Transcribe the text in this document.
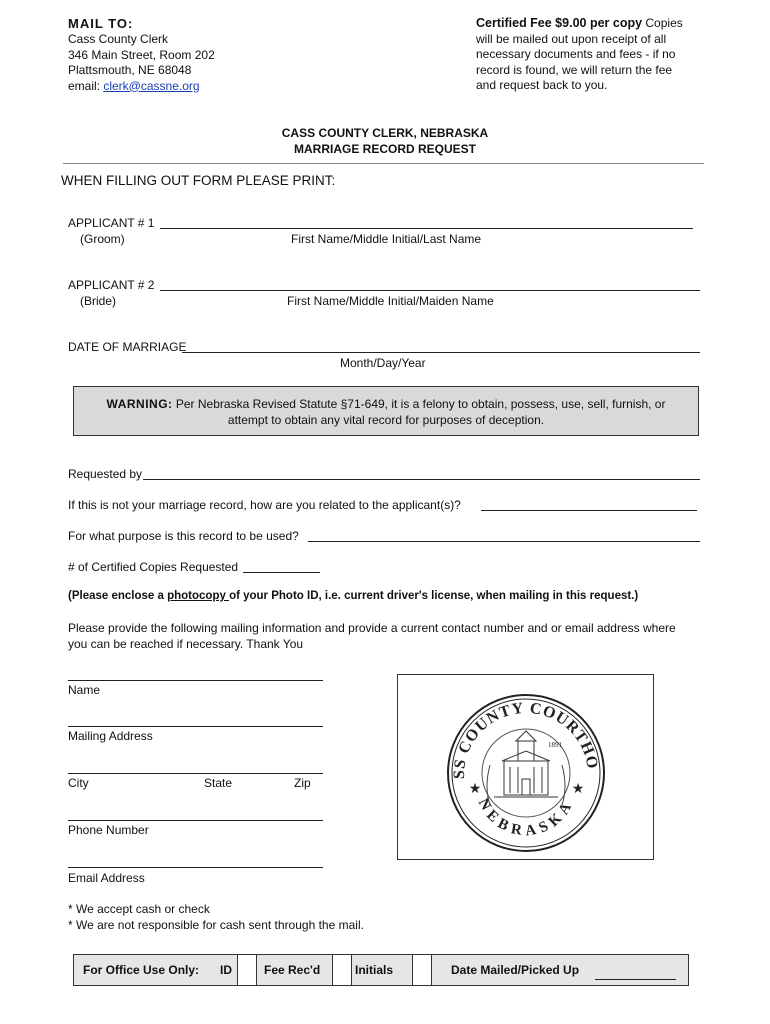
MAIL TO:
Cass County Clerk
346 Main Street, Room 202
Plattsmouth, NE 68048
email: clerk@cassne.org
Certified Fee $9.00 per copy Copies
will be mailed out upon receipt of all
necessary documents and fees - if no
record is found, we will return the fee
and request back to you.
CASS COUNTY CLERK, NEBRASKA
MARRIAGE RECORD REQUEST
WHEN FILLING OUT FORM PLEASE PRINT:
APPLICANT # 1
(Groom)	First Name/Middle Initial/Last Name
APPLICANT # 2
(Bride)	First Name/Middle Initial/Maiden Name
DATE OF MARRIAGE
Month/Day/Year
WARNING: Per Nebraska Revised Statute §71-649, it is a felony to obtain, possess, use, sell, furnish, or
attempt to obtain any vital record for purposes of deception.
Requested by
If this is not your marriage record, how are you related to the applicant(s)?
For what purpose is this record to be used?
# of Certified Copies Requested
(Please enclose a photocopy of your Photo ID, i.e. current driver's license, when mailing in this request.)
Please provide the following mailing information and provide a current contact number and or email address where
you can be reached if necessary. Thank You
Name
Mailing Address
City	State	Zip
Phone Number
Email Address
* We accept cash or check
* We are not responsible for cash sent through the mail.
SS COUNTY COURTHO
NEBRASKA
★	★
1891
For Office Use Only: ID	Fee Rec'd	Initials	Date Mailed/Picked Up
